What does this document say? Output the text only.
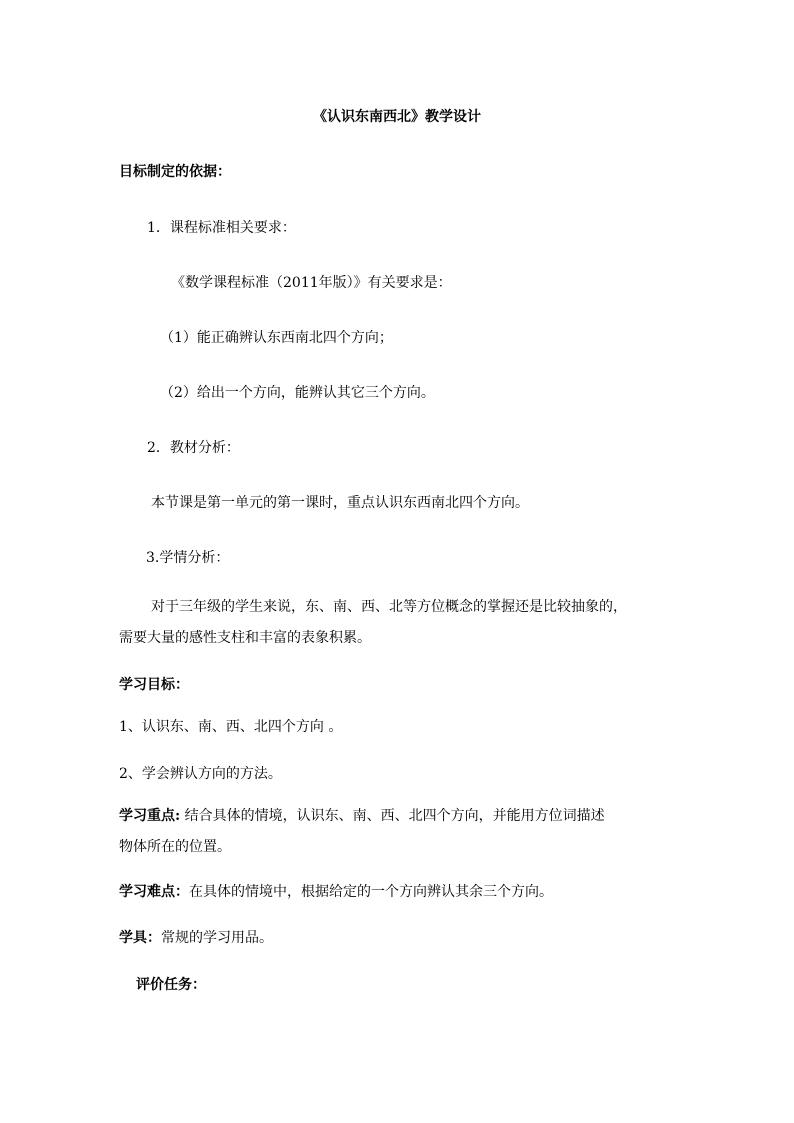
《认识东南西北》教学设计

目标制定的依据：

1．课程标准相关要求：

《数学课程标准（2011年版）》有关要求是：

（1）能正确辨认东西南北四个方向；

（2）给出一个方向，能辨认其它三个方向。

2．教材分析：

本节课是第一单元的第一课时，重点认识东西南北四个方向。

3.学情分析：

对于三年级的学生来说，东、南、西、北等方位概念的掌握还是比较抽象的，

需要大量的感性支柱和丰富的表象积累。

学习目标：

1、认识东、南、西、北四个方向 。

2、学会辨认方向的方法。

学习重点: 结合具体的情境，认识东、南、西、北四个方向，并能用方位词描述

物体所在的位置。

学习难点：在具体的情境中，根据给定的一个方向辨认其余三个方向。

学具：常规的学习用品。

评价任务：
